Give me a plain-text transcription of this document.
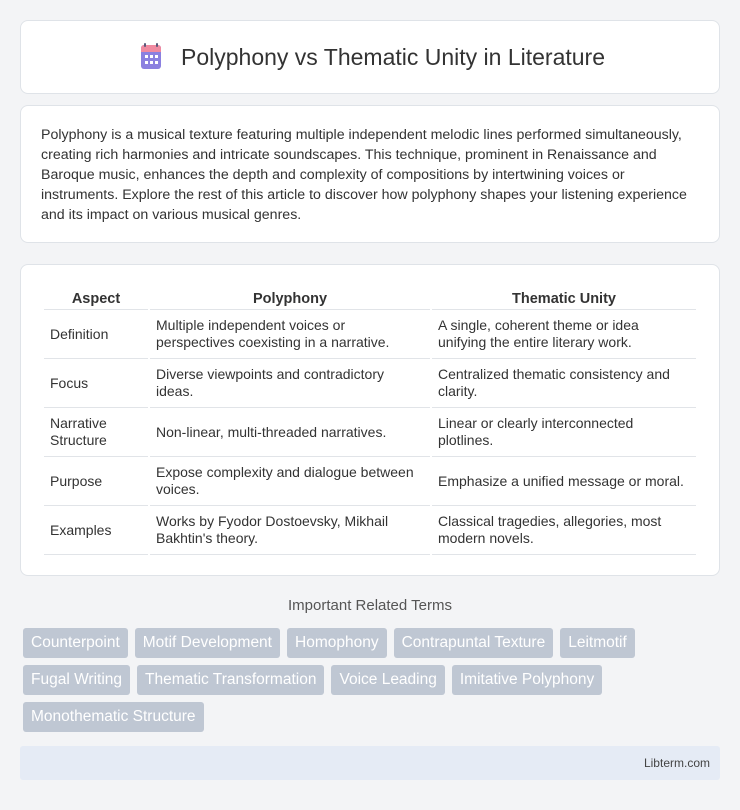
Polyphony vs Thematic Unity in Literature

Polyphony is a musical texture featuring multiple independent melodic lines performed simultaneously, creating rich harmonies and intricate soundscapes. This technique, prominent in Renaissance and Baroque music, enhances the depth and complexity of compositions by intertwining voices or instruments. Explore the rest of this article to discover how polyphony shapes your listening experience and its impact on various musical genres.

Aspect	Polyphony	Thematic Unity
Definition	Multiple independent voices or perspectives coexisting in a narrative.	A single, coherent theme or idea unifying the entire literary work.
Focus	Diverse viewpoints and contradictory ideas.	Centralized thematic consistency and clarity.
Narrative Structure	Non-linear, multi-threaded narratives.	Linear or clearly interconnected plotlines.
Purpose	Expose complexity and dialogue between voices.	Emphasize a unified message or moral.
Examples	Works by Fyodor Dostoevsky, Mikhail Bakhtin's theory.	Classical tragedies, allegories, most modern novels.
Important Related Terms
Counterpoint	Motif Development	Homophony	Contrapuntal Texture	Leitmotif
Fugal Writing	Thematic Transformation	Voice Leading	Imitative Polyphony
Monothematic Structure
Libterm.com
